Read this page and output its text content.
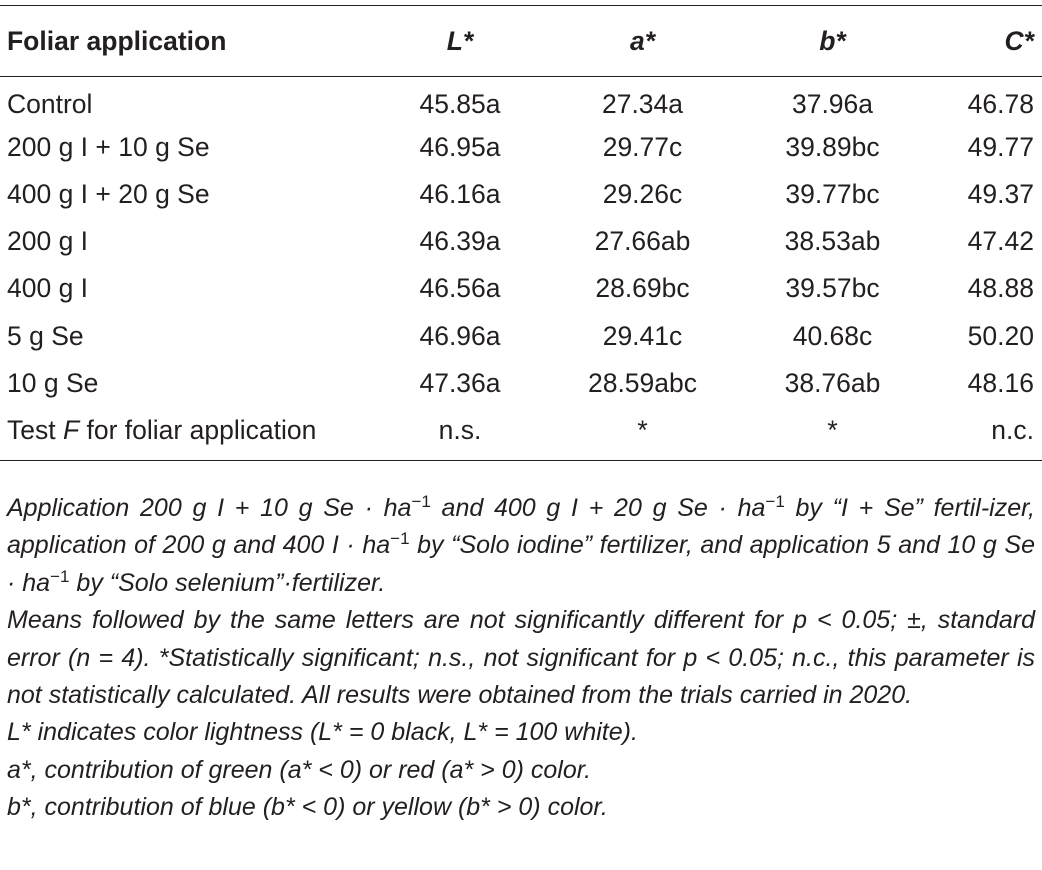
Foliar application	L*	a*	b*	C*
Control	45.85a	27.34a	37.96a	46.78
200 g I + 10 g Se	46.95a	29.77c	39.89bc	49.77
400 g I + 20 g Se	46.16a	29.26c	39.77bc	49.37
200 g I	46.39a	27.66ab	38.53ab	47.42
400 g I	46.56a	28.69bc	39.57bc	48.88
5 g Se	46.96a	29.41c	40.68c	50.20
10 g Se	47.36a	28.59abc	38.76ab	48.16
Test F for foliar application	n.s.	*	*	n.c.

Application 200 g I + 10 g $Se \cdot ha^{-1}$ and 400 g I + 20 g $Se \cdot ha^{-1}$ by “I + Se” fertil-izer, application of 200 g and 400 $I \cdot ha^{-1}$ by “Solo iodine” fertilizer, and application 5 and 10 g $Se \cdot ha^{-1}$ by “Solo selenium”·fertilizer.

Means followed by the same letters are not significantly different for p < 0.05; ±, standard error (n = 4). *Statistically significant; n.s., not significant for p < 0.05; n.c., this parameter is not statistically calculated. All results were obtained from the trials carried in 2020.

L* indicates color lightness (L* = 0 black, L* = 100 white).

a*, contribution of green (a* < 0) or red (a* > 0) color.

b*, contribution of blue (b* < 0) or yellow (b* > 0) color.
